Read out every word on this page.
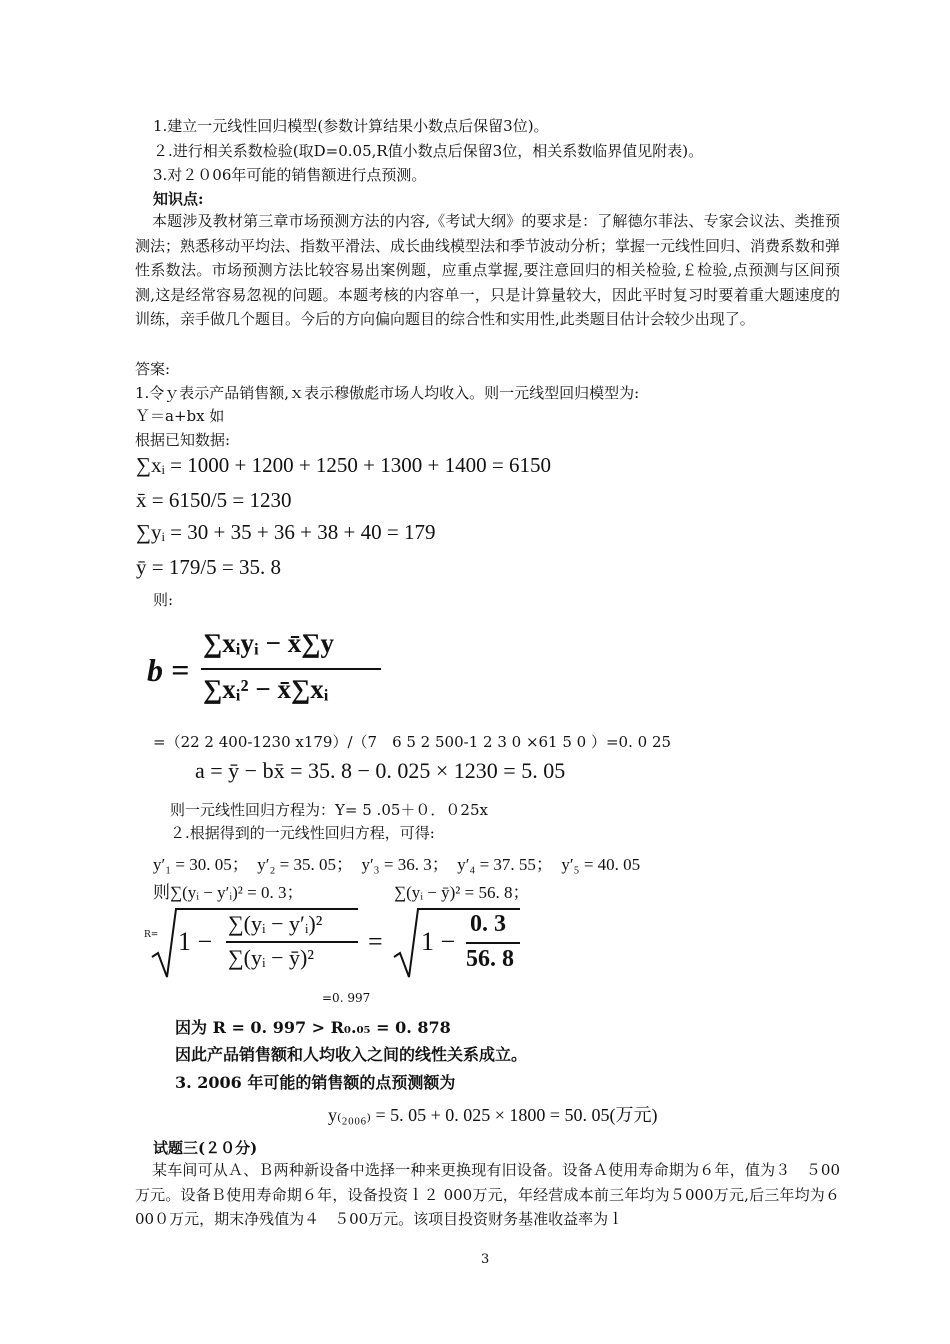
1.建立一元线性回归模型(参数计算结果小数点后保留3位)。
２.进行相关系数检验(取D=0.05,R值小数点后保留3位，相关系数临界值见附表)。
3.对２０06年可能的销售额进行点预测。
知识点:
本题涉及教材第三章市场预测方法的内容,《考试大纲》的要求是：了解德尔菲法、专家会议法、类推预测法；熟悉移动平均法、指数平滑法、成长曲线模型法和季节波动分析；掌握一元线性回归、消费系数和弹性系数法。市场预测方法比较容易出案例题，应重点掌握,要注意回归的相关检验,￡检验,点预测与区间预测,这是经常容易忽视的问题。本题考核的内容单一，只是计算量较大，因此平时复习时要着重大题速度的训练，亲手做几个题目。今后的方向偏向题目的综合性和实用性,此类题目估计会较少出现了。
答案:
1.令ｙ表示产品销售额,ｘ表示穆傲彪市场人均收入。则一元线型回归模型为:
Ｙ＝a+bx 如
根据已知数据:
∑xᵢ = 1000 + 1200 + 1250 + 1300 + 1400 = 6150
x̄ = 6150/5 = 1230
∑yᵢ = 30 + 35 + 36 + 38 + 40 = 179
ȳ = 179/5 = 35. 8
则:
b =
∑xᵢyᵢ − x̄∑y
∑xᵢ² − x̄∑xᵢ
=（22 2 400-1230 x179）/（7　6 5 2 500-1 2 3 0 ×61 5 0 ）=0. 0 25
a = ȳ − bx̄ = 35. 8 − 0. 025 × 1230 = 5. 05
则一元线性回归方程为：Y= 5 .05＋０．０25x
２.根据得到的一元线性回归方程，可得:
y′₁ = 30. 05；　y′₂ = 35. 05；　y′₃ = 36. 3；　y′₄ = 37. 55；　y′₅ = 40. 05
则∑(yᵢ − y′ᵢ)² = 0. 3；	∑(yᵢ − ȳ)² = 56. 8；
R= 1 −
∑(yᵢ − y′ᵢ)²
∑(yᵢ − ȳ)²
= 1 −
0. 3
56. 8
=0. 997
因为 R = 0. 997 > R₀.₀₅ = 0. 878
因此产品销售额和人均收入之间的线性关系成立。
3. 2006 年可能的销售额的点预测额为
y₍₂₀₀₆₎ = 5. 05 + 0. 025 × 1800 = 50. 05(万元)
试题三(２０分)
某车间可从Ａ、Ｂ两种新设备中选择一种来更换现有旧设备。设备Ａ使用寿命期为６年，值为３　５00万元。设备Ｂ使用寿命期６年，设备投资ｌ２ 000万元，年经营成本前三年均为５000万元,后三年均为６00０万元，期末净残值为４　５00万元。该项目投资财务基准收益率为ｌ
3
